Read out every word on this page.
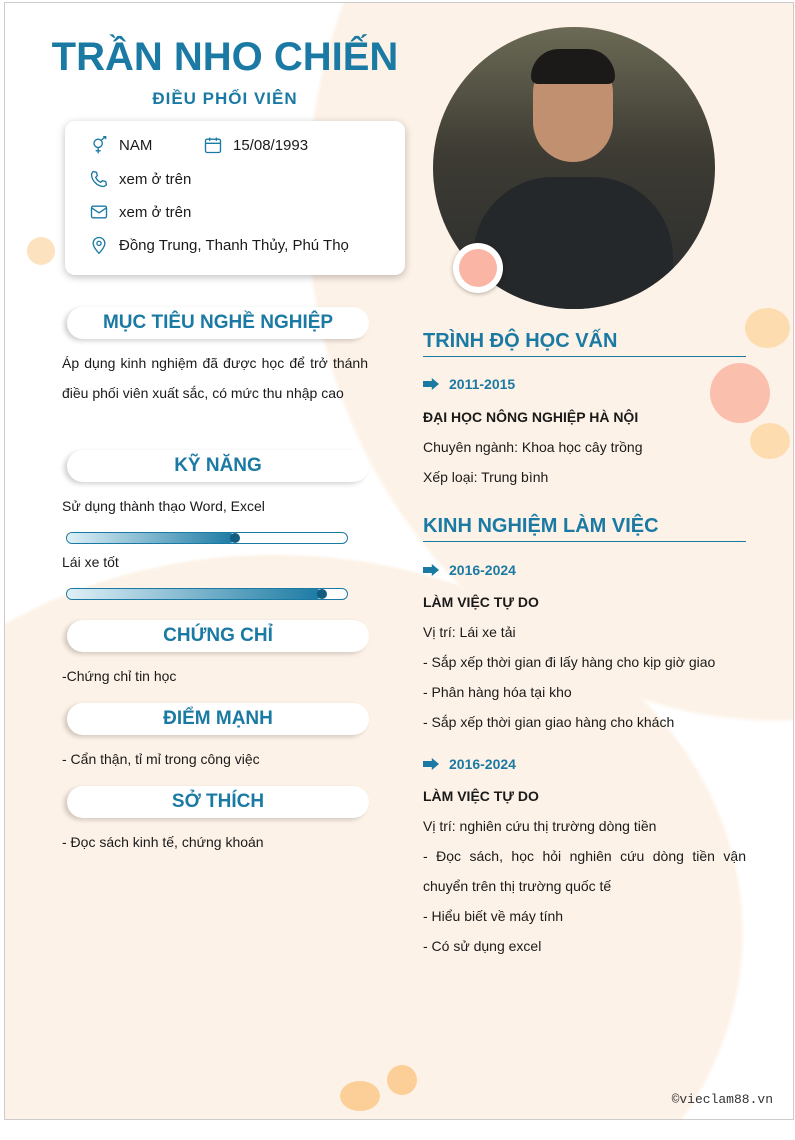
TRẦN NHO CHIẾN
ĐIỀU PHỐI VIÊN
NAM	15/08/1993
xem ở trên
xem ở trên
Đồng Trung, Thanh Thủy, Phú Thọ
MỤC TIÊU NGHỀ NGHIỆP
Áp dụng kinh nghiệm đã được học để trở thánh điều phối viên xuất sắc, có mức thu nhập cao
KỸ NĂNG
Sử dụng thành thạo Word, Excel
Lái xe tốt
CHỨNG CHỈ
-Chứng chỉ tin học
ĐIỂM MẠNH
- Cẩn thận, tỉ mỉ trong công việc
SỞ THÍCH
- Đọc sách kinh tế, chứng khoán
TRÌNH ĐỘ HỌC VẤN
2011-2015
ĐẠI HỌC NÔNG NGHIỆP HÀ NỘI
Chuyên ngành: Khoa học cây trồng
Xếp loại: Trung bình
KINH NGHIỆM LÀM VIỆC
2016-2024
LÀM VIỆC TỰ DO
Vị trí: Lái xe tải
- Sắp xếp thời gian đi lấy hàng cho kịp giờ giao
- Phân hàng hóa tại kho
- Sắp xếp thời gian giao hàng cho khách
2016-2024
LÀM VIỆC TỰ DO
Vị trí: nghiên cứu thị trường dòng tiền
- Đọc sách, học hỏi nghiên cứu dòng tiền vận chuyển trên thị trường quốc tế
- Hiểu biết về máy tính
- Có sử dụng excel
©vieclam88.vn
